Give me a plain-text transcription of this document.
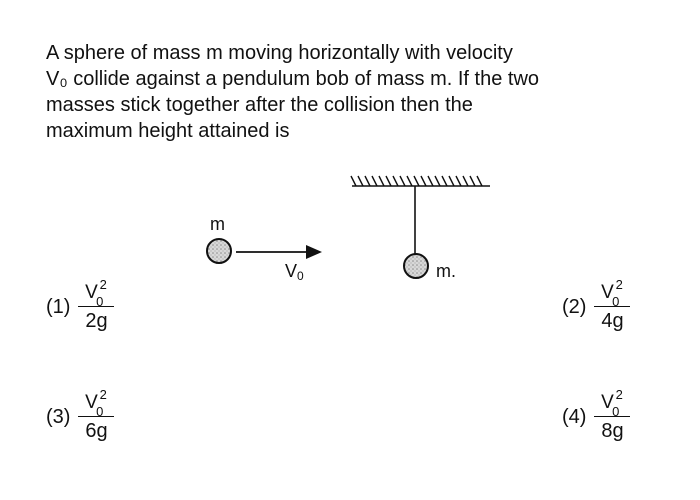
A sphere of mass m moving horizontally with velocity
V₀ collide against a pendulum bob of mass m. If the two
masses stick together after the collision then the
maximum height attained is
m.
m
V0
(1) V
0
2
2g	(2) V
0
2
4g
(3) V
0
2
6g	(4) V
0
2
8g
